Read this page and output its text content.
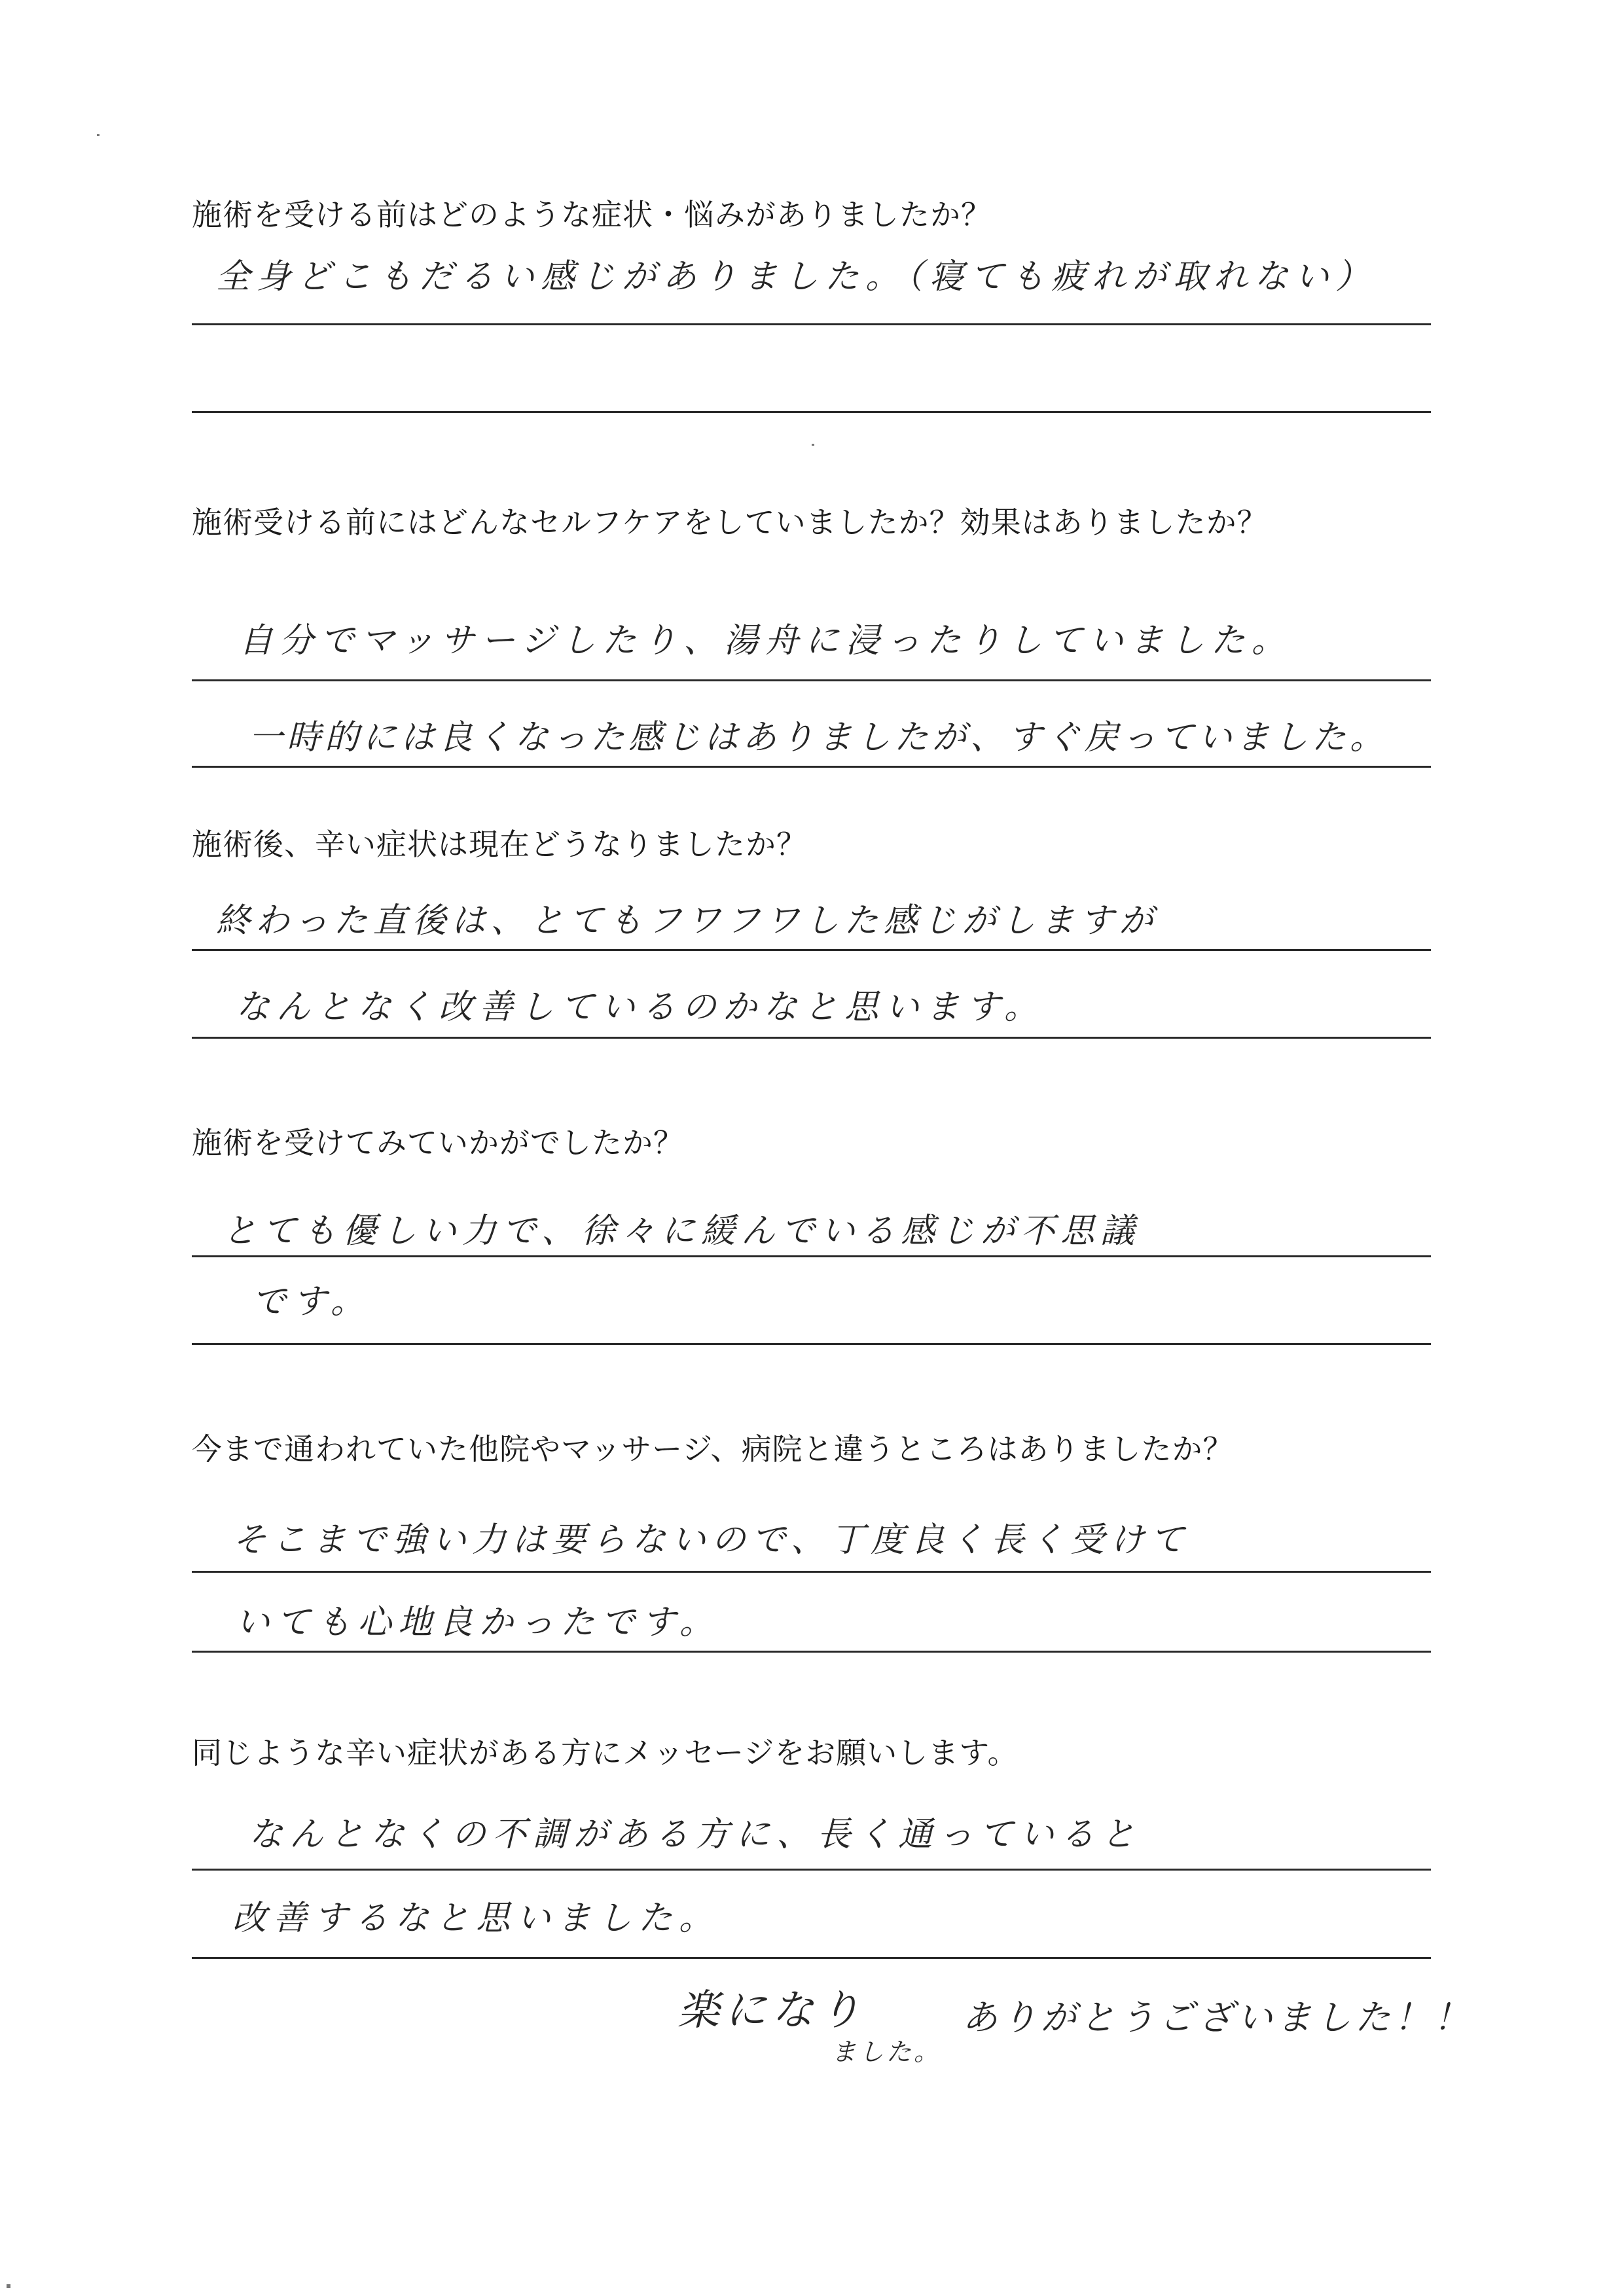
施術を受ける前はどのような症状・悩みがありましたか？
全身どこもだるい感じがありました。（寝ても疲れが取れない）
施術受ける前にはどんなセルフケアをしていましたか？効果はありましたか？
自分でマッサージしたり、湯舟に浸ったりしていました。
一時的には良くなった感じはありましたが、すぐ戻っていました。
施術後、辛い症状は現在どうなりましたか？
終わった直後は、とてもフワフワした感じがしますが
なんとなく改善しているのかなと思います。
施術を受けてみていかがでしたか？
とても優しい力で、徐々に緩んでいる感じが不思議
です。
今まで通われていた他院やマッサージ、病院と違うところはありましたか？
そこまで強い力は要らないので、丁度良く長く受けて
いても心地良かったです。
同じような辛い症状がある方にメッセージをお願いします。
なんとなくの不調がある方に、長く通っていると
改善するなと思いました。
楽になり
ました。
ありがとうございました！！
